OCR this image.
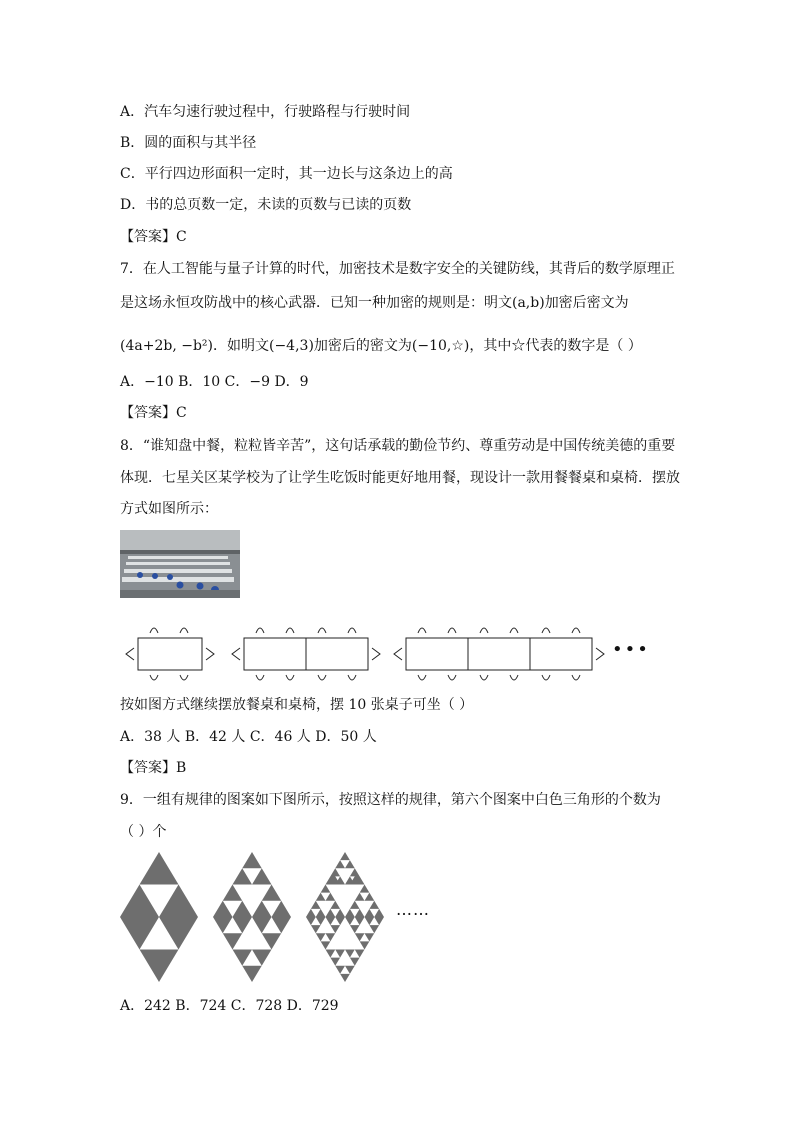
A．汽车匀速行驶过程中，行驶路程与行驶时间
B．圆的面积与其半径
C．平行四边形面积一定时，其一边长与这条边上的高
D．书的总页数一定，未读的页数与已读的页数
【答案】C
7．在人工智能与量子计算的时代，加密技术是数字安全的关键防线，其背后的数学原理正
是这场永恒攻防战中的核心武器．已知一种加密的规则是：明文(a,b)加密后密文为
(4a+2b, −b²)．如明文(−4,3)加密后的密文为(−10,☆)，其中☆代表的数字是（ ）
A．−10 B．10 C．−9 D．9
【答案】C
8．“谁知盘中餐，粒粒皆辛苦”，这句话承载的勤俭节约、尊重劳动是中国传统美德的重要
体现．七星关区某学校为了让学生吃饭时能更好地用餐，现设计一款用餐餐桌和桌椅．摆放
方式如图所示：
•••
按如图方式继续摆放餐桌和桌椅，摆 10 张桌子可坐（ ）
A．38 人 B．42 人 C．46 人 D．50 人
【答案】B
9．一组有规律的图案如下图所示，按照这样的规律，第六个图案中白色三角形的个数为
（ ）个
……
A．242 B．724 C．728 D．729
